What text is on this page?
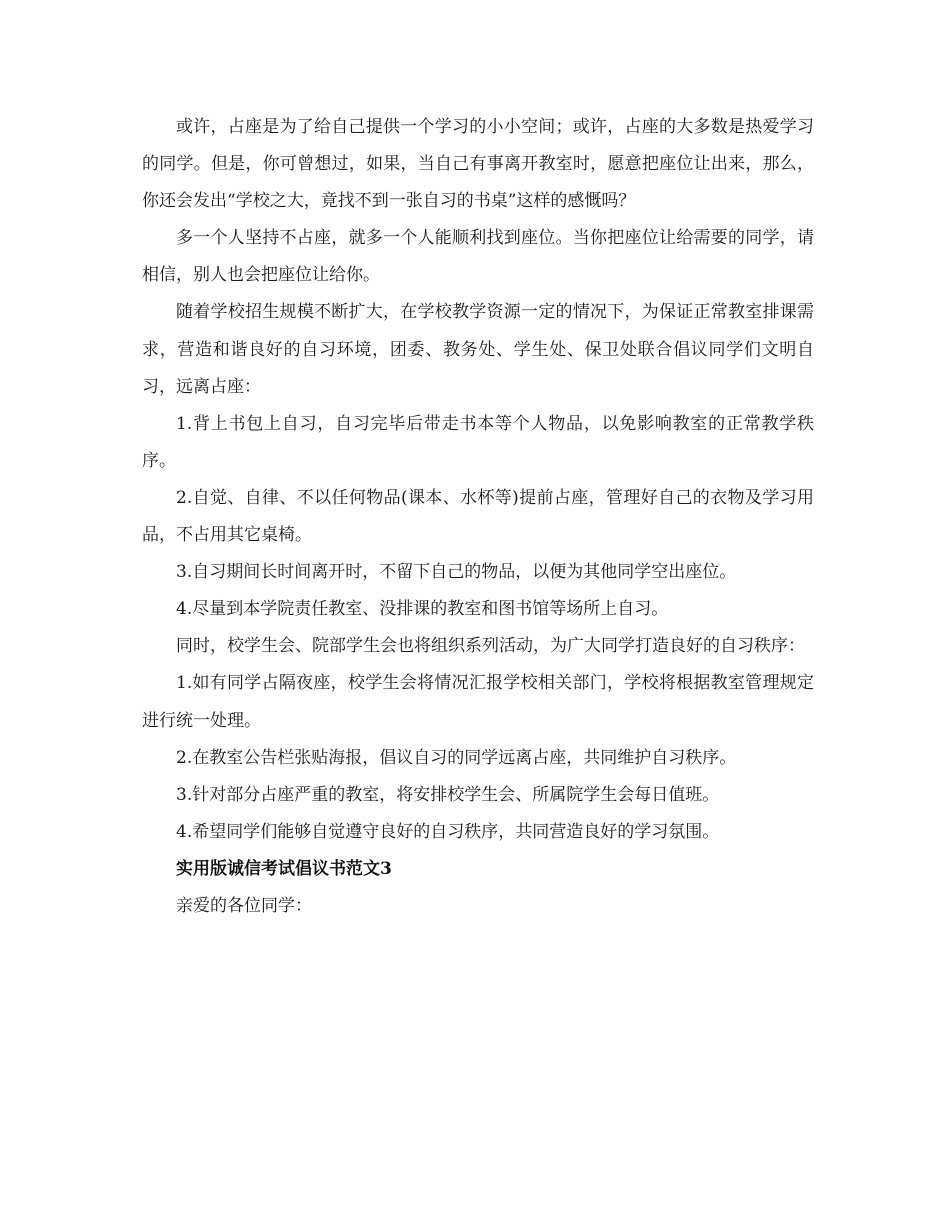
或许，占座是为了给自己提供一个学习的小小空间；或许，占座的大多数是热爱学习的同学。但是，你可曾想过，如果，当自己有事离开教室时，愿意把座位让出来，那么，你还会发出“学校之大，竟找不到一张自习的书桌”这样的感慨吗？

多一个人坚持不占座，就多一个人能顺利找到座位。当你把座位让给需要的同学，请相信，别人也会把座位让给你。

随着学校招生规模不断扩大，在学校教学资源一定的情况下，为保证正常教室排课需求，营造和谐良好的自习环境，团委、教务处、学生处、保卫处联合倡议同学们文明自习，远离占座：

1.背上书包上自习，自习完毕后带走书本等个人物品，以免影响教室的正常教学秩序。

2.自觉、自律、不以任何物品(课本、水杯等)提前占座，管理好自己的衣物及学习用品，不占用其它桌椅。

3.自习期间长时间离开时，不留下自己的物品，以便为其他同学空出座位。

4.尽量到本学院责任教室、没排课的教室和图书馆等场所上自习。

同时，校学生会、院部学生会也将组织系列活动，为广大同学打造良好的自习秩序：

1.如有同学占隔夜座，校学生会将情况汇报学校相关部门，学校将根据教室管理规定进行统一处理。

2.在教室公告栏张贴海报，倡议自习的同学远离占座，共同维护自习秩序。

3.针对部分占座严重的教室，将安排校学生会、所属院学生会每日值班。

4.希望同学们能够自觉遵守良好的自习秩序，共同营造良好的学习氛围。

实用版诚信考试倡议书范文3

亲爱的各位同学：
